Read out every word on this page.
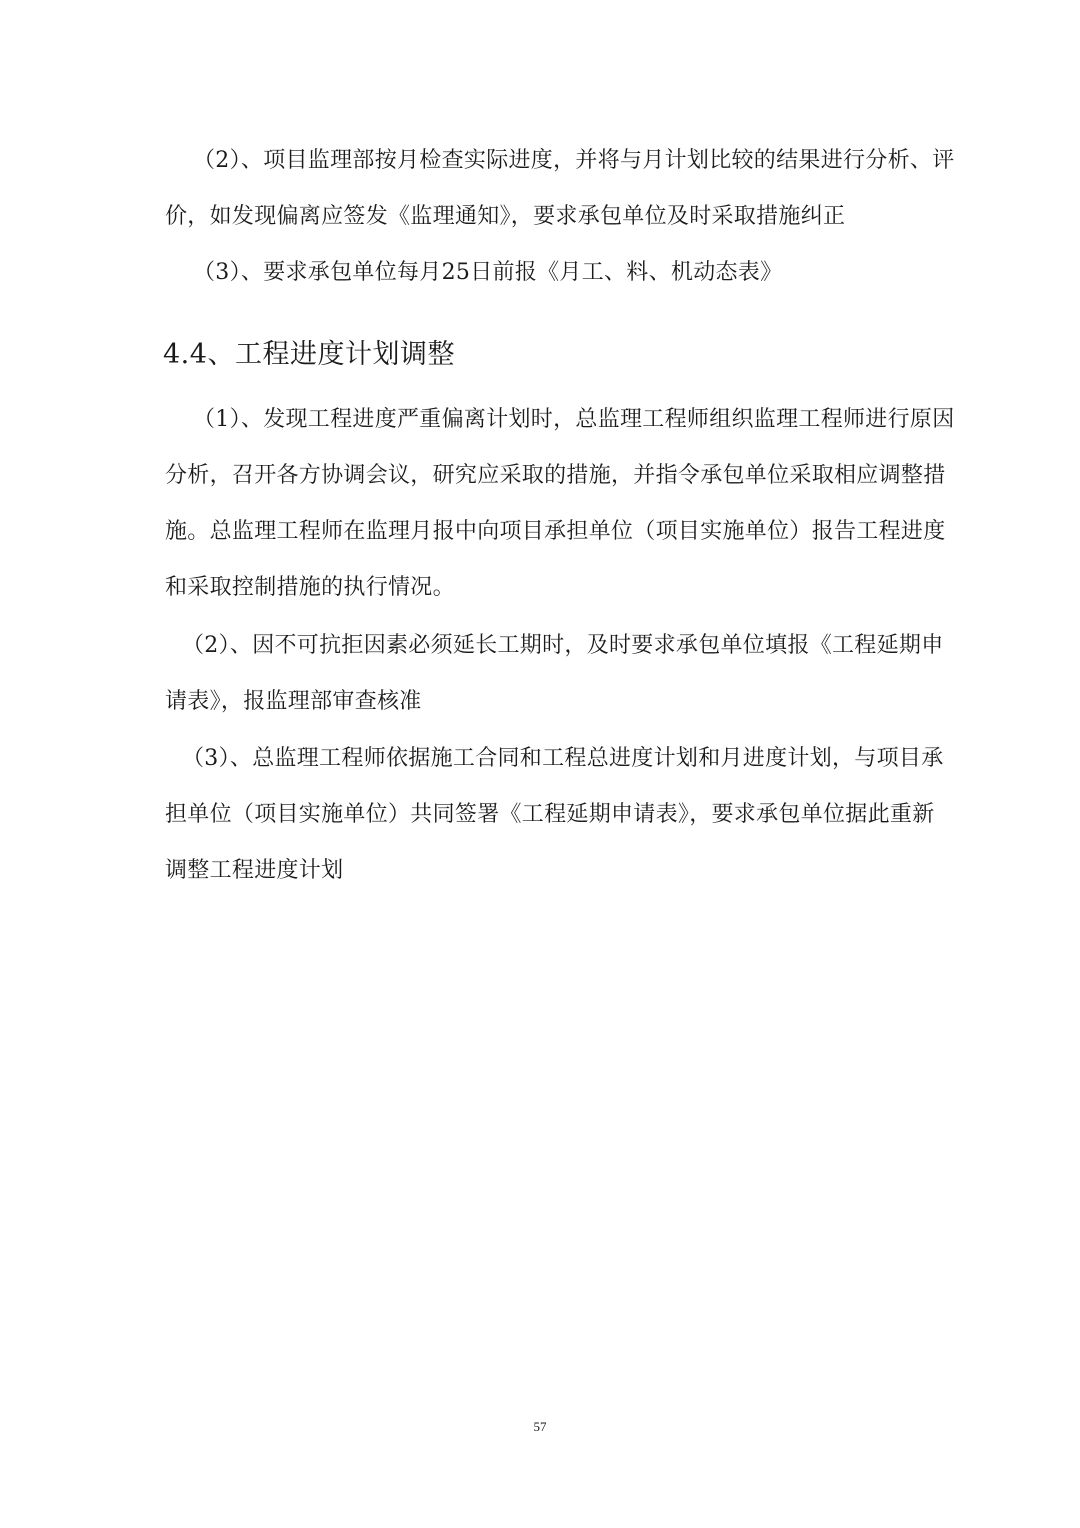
（2）、项目监理部按月检查实际进度，并将与月计划比较的结果进行分析、评
价，如发现偏离应签发《监理通知》，要求承包单位及时采取措施纠正
（3）、要求承包单位每月25日前报《月工、料、机动态表》
4.4、工程进度计划调整
（1）、发现工程进度严重偏离计划时，总监理工程师组织监理工程师进行原因
分析，召开各方协调会议，研究应采取的措施，并指令承包单位采取相应调整措
施。总监理工程师在监理月报中向项目承担单位（项目实施单位）报告工程进度
和采取控制措施的执行情况。
（2）、因不可抗拒因素必须延长工期时，及时要求承包单位填报《工程延期申
请表》，报监理部审查核准
（3）、总监理工程师依据施工合同和工程总进度计划和月进度计划，与项目承
担单位（项目实施单位）共同签署《工程延期申请表》，要求承包单位据此重新
调整工程进度计划
57
